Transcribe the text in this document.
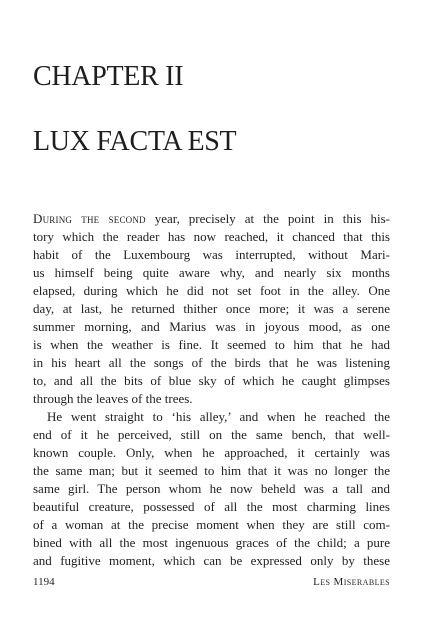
CHAPTER II
LUX FACTA EST
During the second year, precisely at the point in this his-
tory which the reader has now reached, it chanced that this
habit of the Luxembourg was interrupted, without Mari-
us himself being quite aware why, and nearly six months
elapsed, during which he did not set foot in the alley. One
day, at last, he returned thither once more; it was a serene
summer morning, and Marius was in joyous mood, as one
is when the weather is fine. It seemed to him that he had
in his heart all the songs of the birds that he was listening
to, and all the bits of blue sky of which he caught glimpses
through the leaves of the trees.
He went straight to ‘his alley,’ and when he reached the
end of it he perceived, still on the same bench, that well-
known couple. Only, when he approached, it certainly was
the same man; but it seemed to him that it was no longer the
same girl. The person whom he now beheld was a tall and
beautiful creature, possessed of all the most charming lines
of a woman at the precise moment when they are still com-
bined with all the most ingenuous graces of the child; a pure
and fugitive moment, which can be expressed only by these
1194	Les Miserables
